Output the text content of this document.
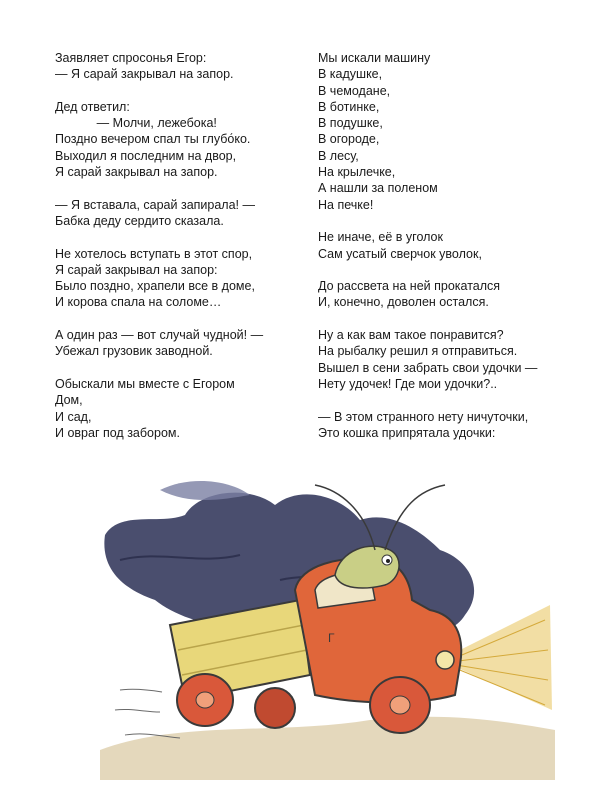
Заявляет спросонья Егор:
— Я сарай закрывал на запор.
Дед ответил:
— Молчи, лежебока!
Поздно вечером спал ты глубо́ко.
Выходил я последним на двор,
Я сарай закрывал на запор.
— Я вставала, сарай запирала! —
Бабка деду сердито сказала.
Не хотелось вступать в этот спор,
Я сарай закрывал на запор:
Было поздно, храпели все в доме,
И корова спала на соломе…
А один раз — вот случай чудной! —
Убежал грузовик заводной.
Обыскали мы вместе с Егором
Дом,
И сад,
И овраг под забором.
Мы искали машину
В кадушке,
В чемодане,
В ботинке,
В подушке,
В огороде,
В лесу,
На крылечке,
А нашли за поленом
На печке!
Не иначе, её в уголок
Сам усатый сверчок уволок,
До рассвета на ней прокатался
И, конечно, доволен остался.
Ну а как вам такое понравится?
На рыбалку решил я отправиться.
Вышел в сени забрать свои удочки —
Нету удочек! Где мои удочки?..
— В этом странного нету ничуточки,
Это кошка припрятала удочки:
Г
